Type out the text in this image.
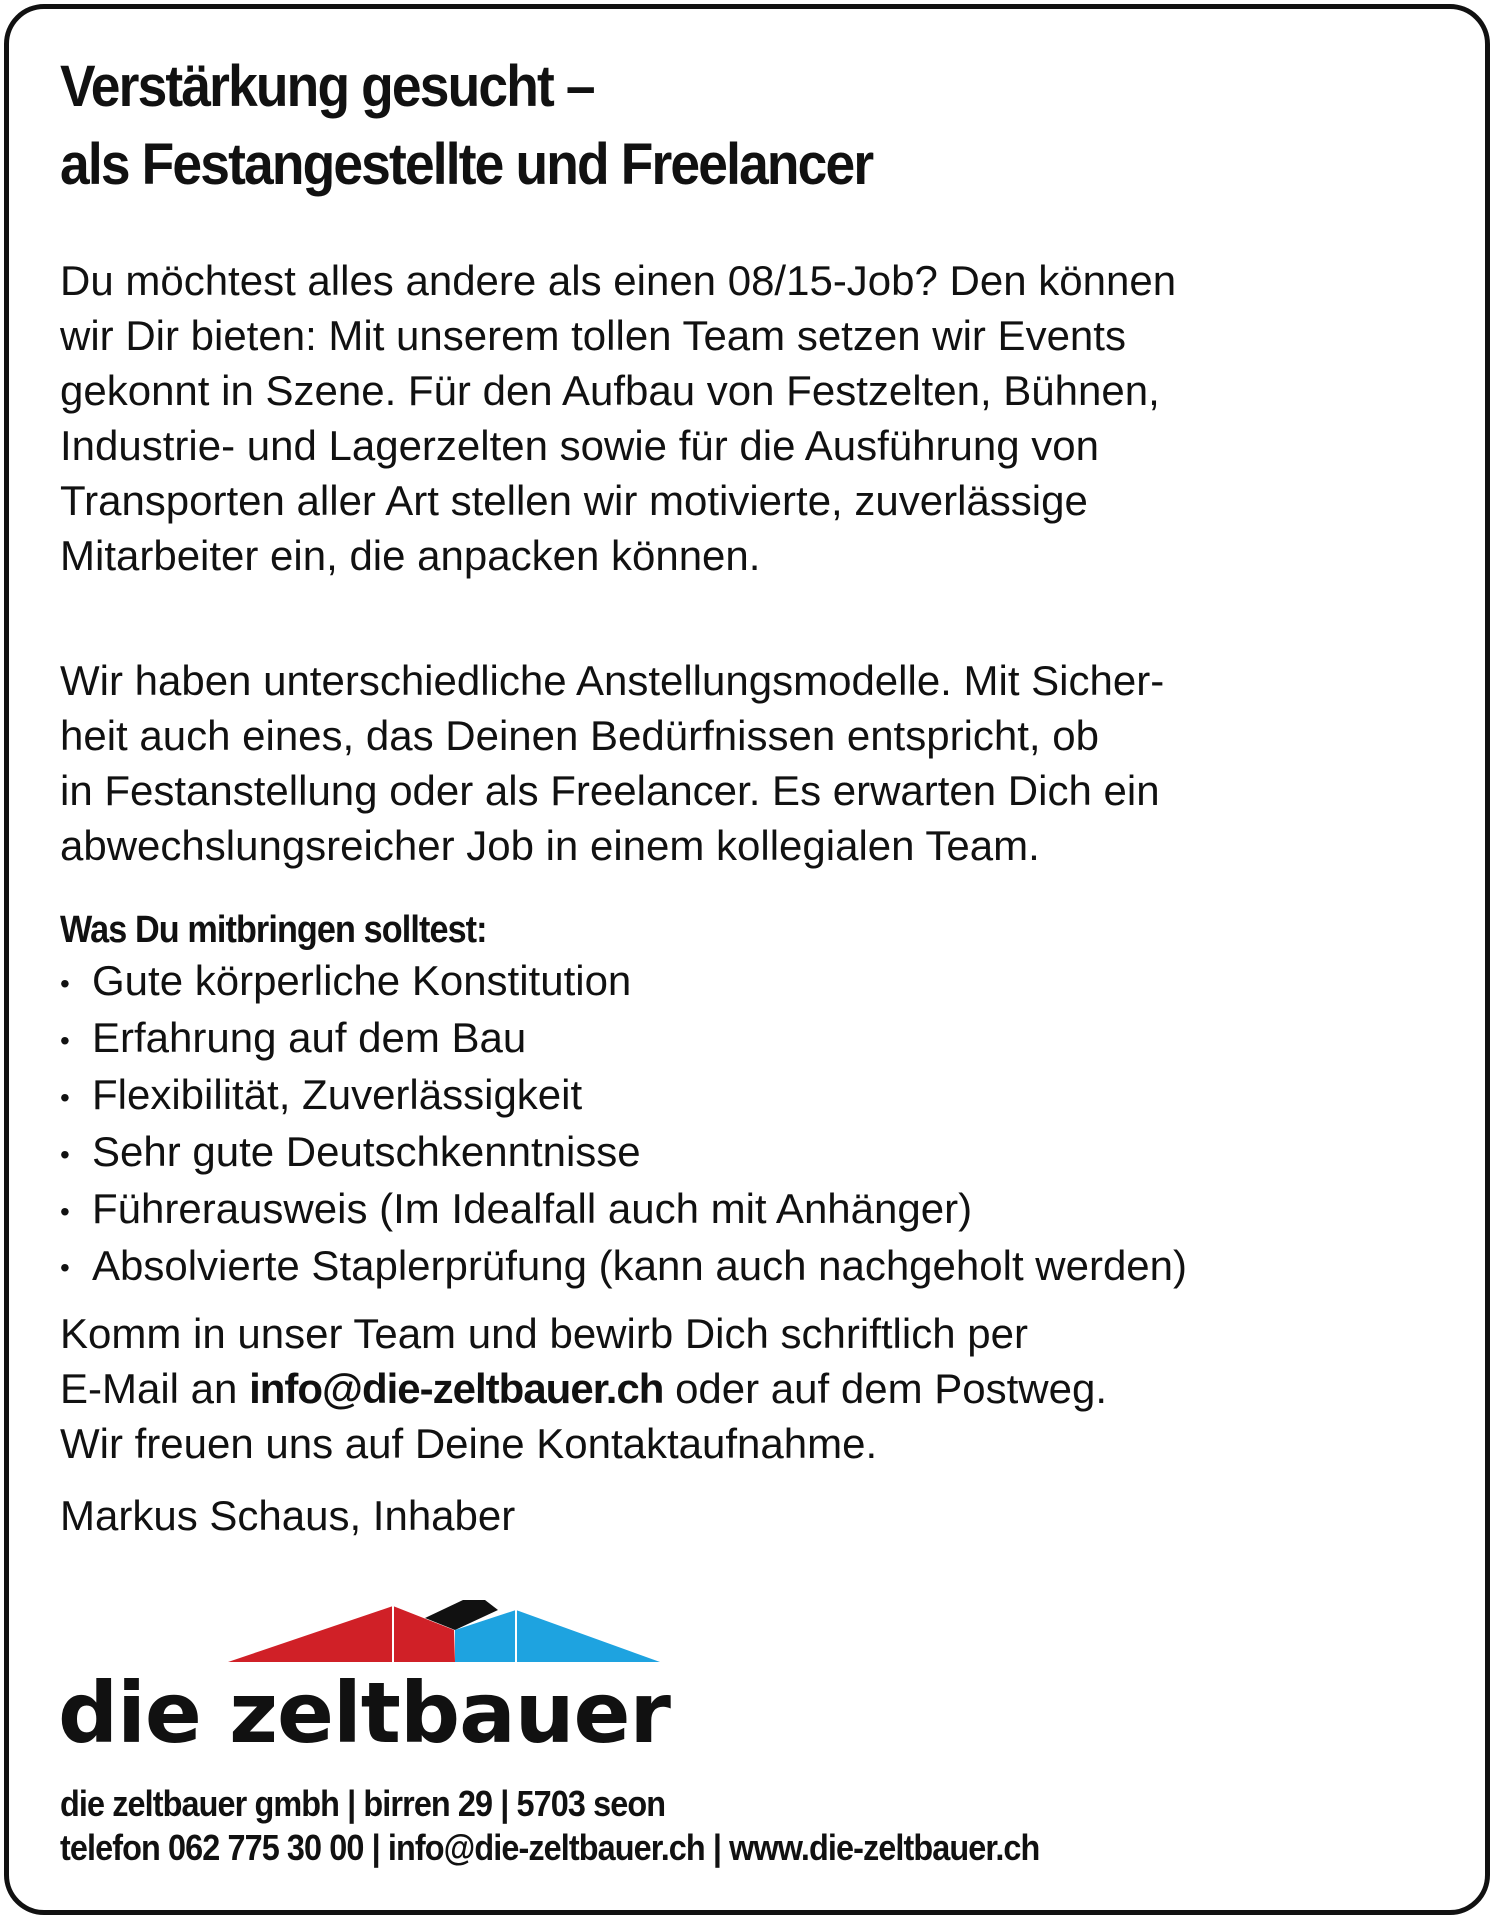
Verstärkung gesucht –
als Festangestellte und Freelancer

Du möchtest alles andere als einen 08/15-Job? Den können
wir Dir bieten: Mit unserem tollen Team setzen wir Events
gekonnt in Szene. Für den Aufbau von Festzelten, Bühnen,
Industrie- und Lagerzelten sowie für die Ausführung von
Transporten aller Art stellen wir motivierte, zuverlässige
Mitarbeiter ein, die anpacken können.

Wir haben unterschiedliche Anstellungsmodelle. Mit Sicher-
heit auch eines, das Deinen Bedürfnissen entspricht, ob
in Festanstellung oder als Freelancer. Es erwarten Dich ein
abwechslungsreicher Job in einem kollegialen Team.

Was Du mitbringen solltest:
• Gute körperliche Konstitution
• Erfahrung auf dem Bau
• Flexibilität, Zuverlässigkeit
• Sehr gute Deutschkenntnisse
• Führerausweis (Im Idealfall auch mit Anhänger)
• Absolvierte Staplerprüfung (kann auch nachgeholt werden)

Komm in unser Team und bewirb Dich schriftlich per
E-Mail an info@die-zeltbauer.ch oder auf dem Postweg.
Wir freuen uns auf Deine Kontaktaufnahme.

Markus Schaus, Inhaber

die zeltbauer
die zeltbauer gmbh | birren 29 | 5703 seon
telefon 062 775 30 00 | info@die-zeltbauer.ch | www.die-zeltbauer.ch
